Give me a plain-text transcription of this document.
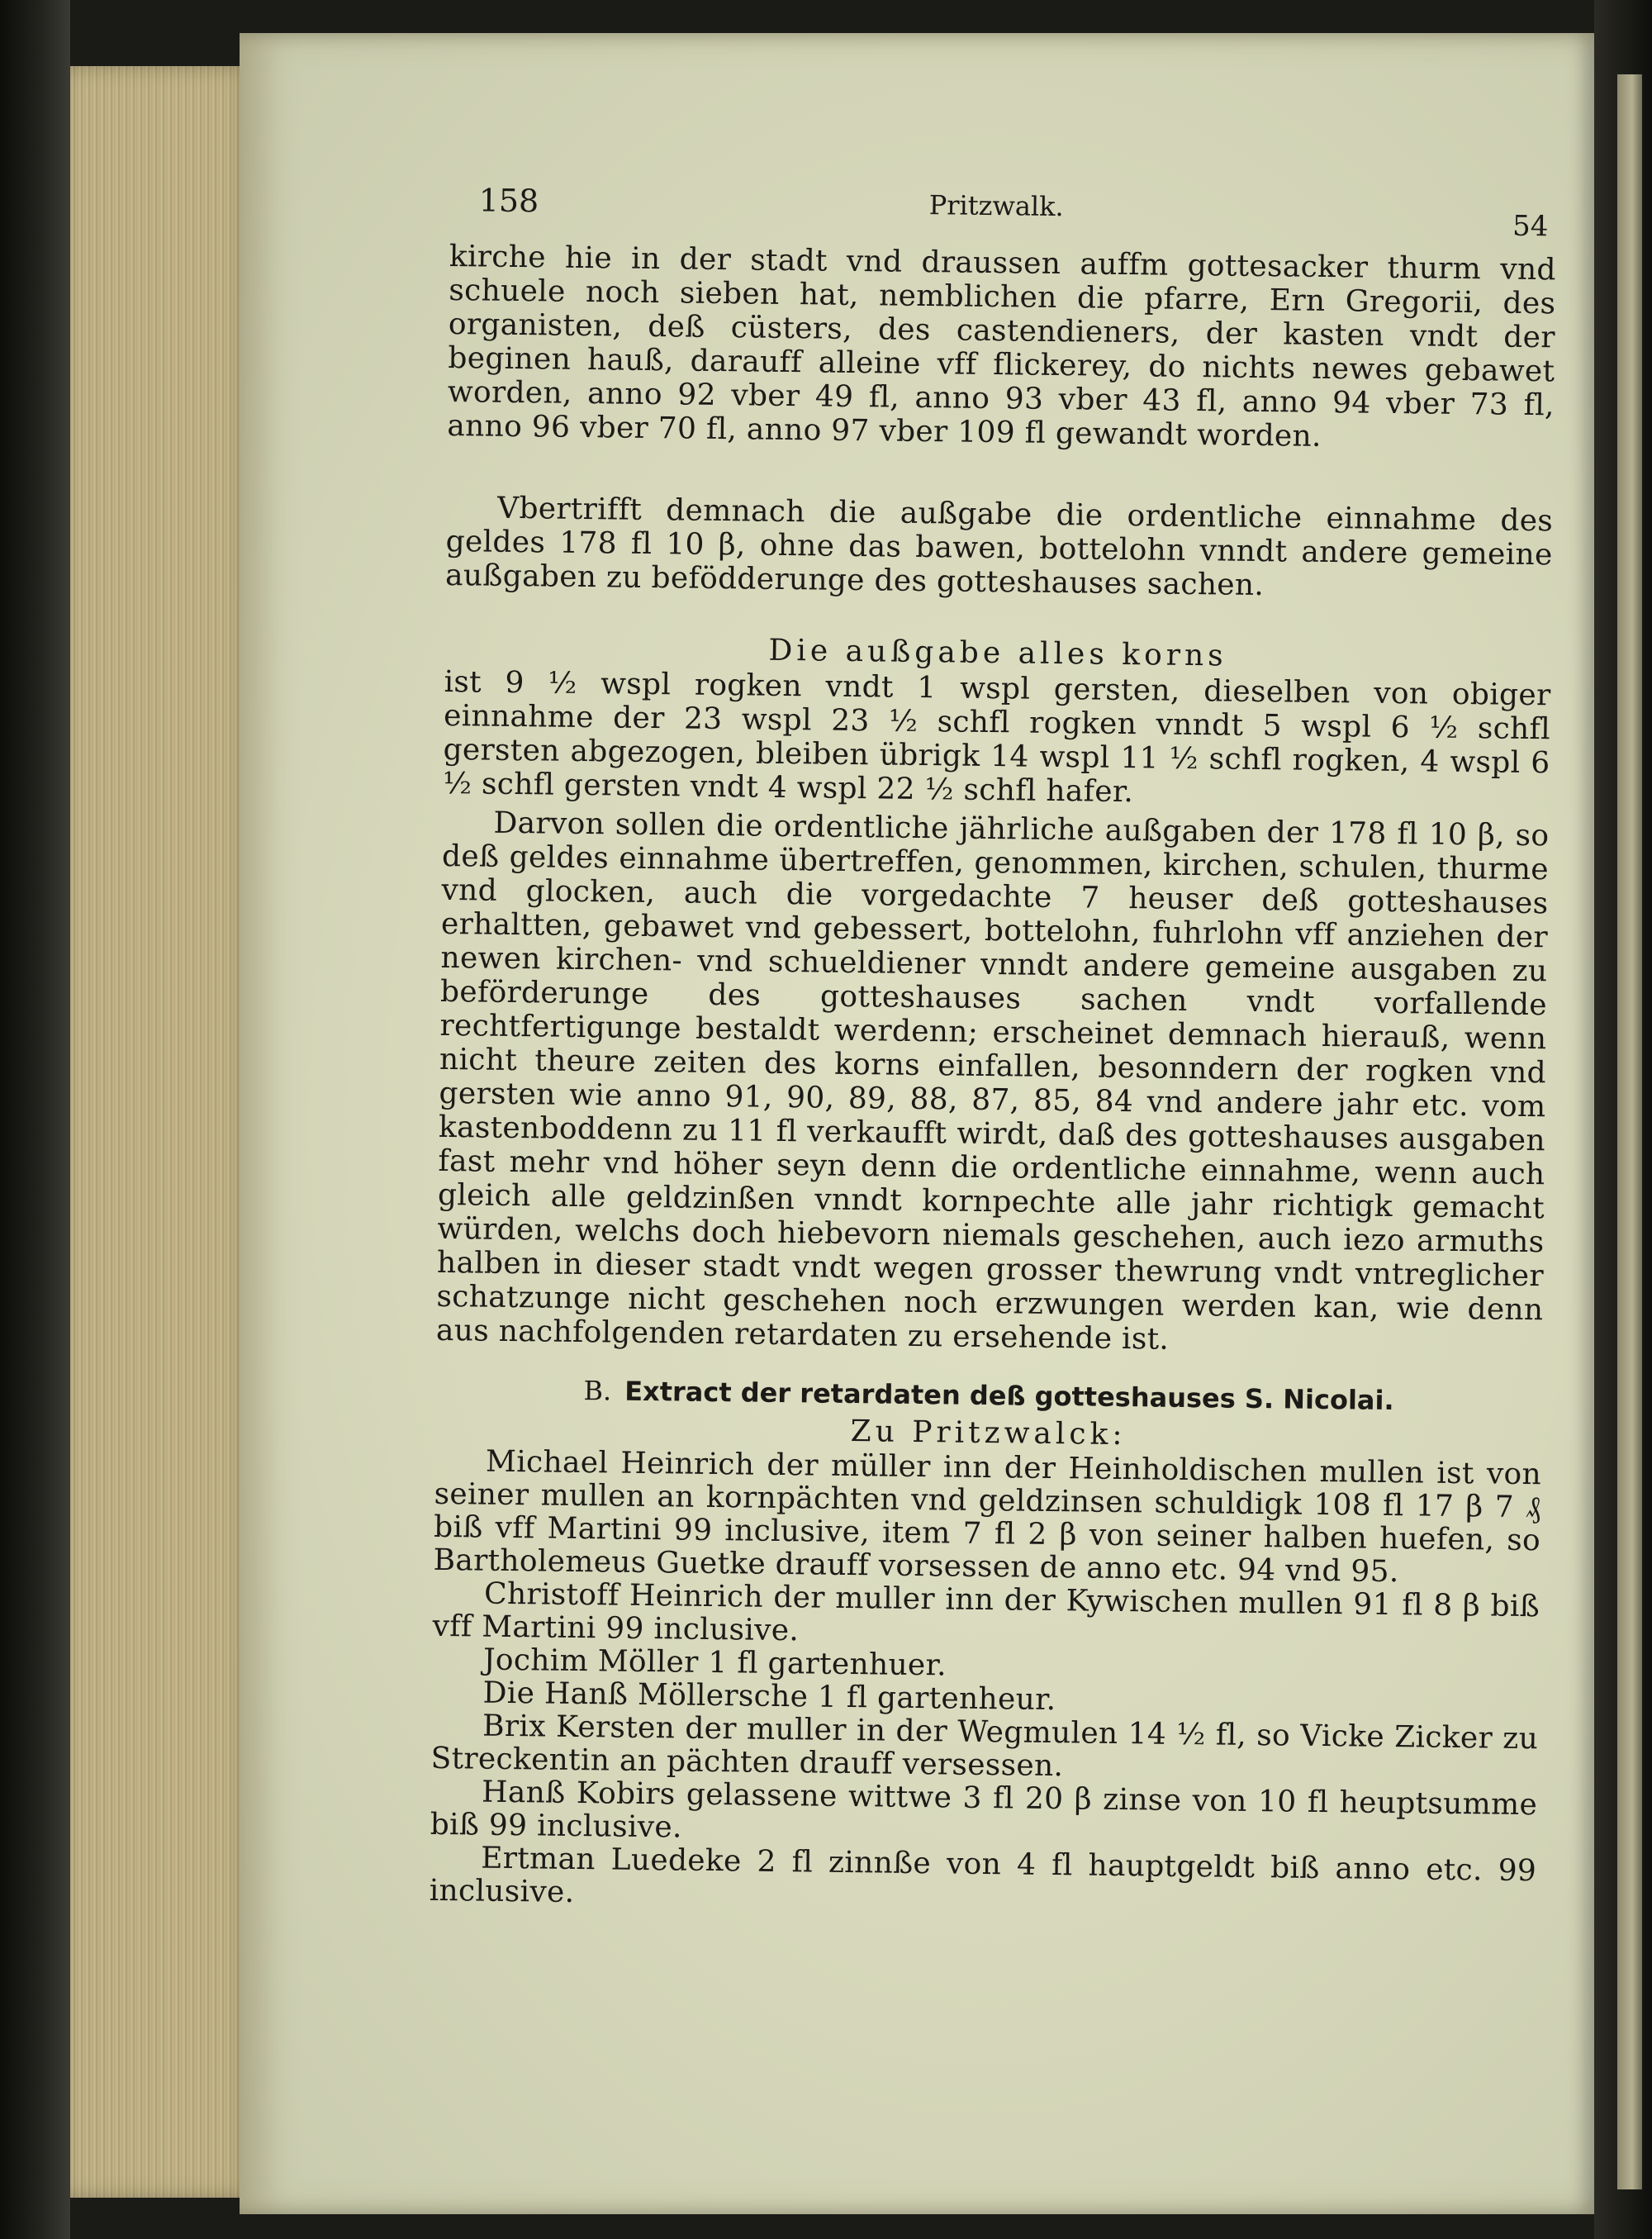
158	Pritzwalk.
54

kirche hie in der stadt vnd draussen auffm gottesacker thurm vnd schuele noch sieben hat, nemblichen die pfarre, Ern Gregorii, des organisten, deß cüsters, des castendieners, der kasten vndt der beginen hauß, darauff alleine vff flickerey, do nichts newes gebawet worden, anno 92 vber 49 fl, anno 93 vber 43 fl, anno 94 vber 73 fl, anno 96 vber 70 fl, anno 97 vber 109 fl gewandt worden.

Vbertrifft demnach die außgabe die ordentliche einnahme des geldes 178 fl 10 β, ohne das bawen, bottelohn vnndt andere gemeine außgaben zu befödderunge des gotteshauses sachen.

Die außgabe alles korns

ist 9 ½ wspl rogken vndt 1 wspl gersten, dieselben von obiger einnahme der 23 wspl 23 ½ schfl rogken vnndt 5 wspl 6 ½ schfl gersten abgezogen, bleiben übrigk 14 wspl 11 ½ schfl rogken, 4 wspl 6 ½ schfl gersten vndt 4 wspl 22 ½ schfl hafer.

Darvon sollen die ordentliche jährliche außgaben der 178 fl 10 β, so deß geldes einnahme übertreffen, genommen, kirchen, schulen, thurme vnd glocken, auch die vorgedachte 7 heuser deß gotteshauses erhaltten, gebawet vnd gebessert, bottelohn, fuhrlohn vff anziehen der newen kirchen- vnd schueldiener vnndt andere gemeine ausgaben zu beförderunge des gotteshauses sachen vndt vorfallende rechtfertigunge bestaldt werdenn; erscheinet demnach hierauß, wenn nicht theure zeiten des korns einfallen, besonndern der rogken vnd gersten wie anno 91, 90, 89, 88, 87, 85, 84 vnd andere jahr etc. vom kastenboddenn zu 11 fl verkaufft wirdt, daß des gotteshauses ausgaben fast mehr vnd höher seyn denn die ordentliche einnahme, wenn auch gleich alle geldzinßen vnndt kornpechte alle jahr richtigk gemacht würden, welchs doch hiebevorn niemals geschehen, auch iezo armuths halben in dieser stadt vndt wegen grosser thewrung vndt vntreglicher schatzunge nicht geschehen noch erzwungen werden kan, wie denn aus nachfolgenden retardaten zu ersehende ist.

B. Extract der retardaten deß gotteshauses S. Nicolai.
Zu Pritzwalck:

Michael Heinrich der müller inn der Heinholdischen mullen ist von seiner mullen an kornpächten vnd geldzinsen schuldigk 108 fl 17 β 7 ₰ biß vff Martini 99 inclusive, item 7 fl 2 β von seiner halben huefen, so Bartholemeus Guetke drauff vorsessen de anno etc. 94 vnd 95.

Christoff Heinrich der muller inn der Kywischen mullen 91 fl 8 β biß vff Martini 99 inclusive.

Jochim Möller 1 fl gartenhuer.

Die Hanß Möllersche 1 fl gartenheur.

Brix Kersten der muller in der Wegmulen 14 ½ fl, so Vicke Zicker zu Streckentin an pächten drauff versessen.

Hanß Kobirs gelassene wittwe 3 fl 20 β zinse von 10 fl heuptsumme biß 99 inclusive.

Ertman Luedeke 2 fl zinnße von 4 fl hauptgeldt biß anno etc. 99 inclusive.
